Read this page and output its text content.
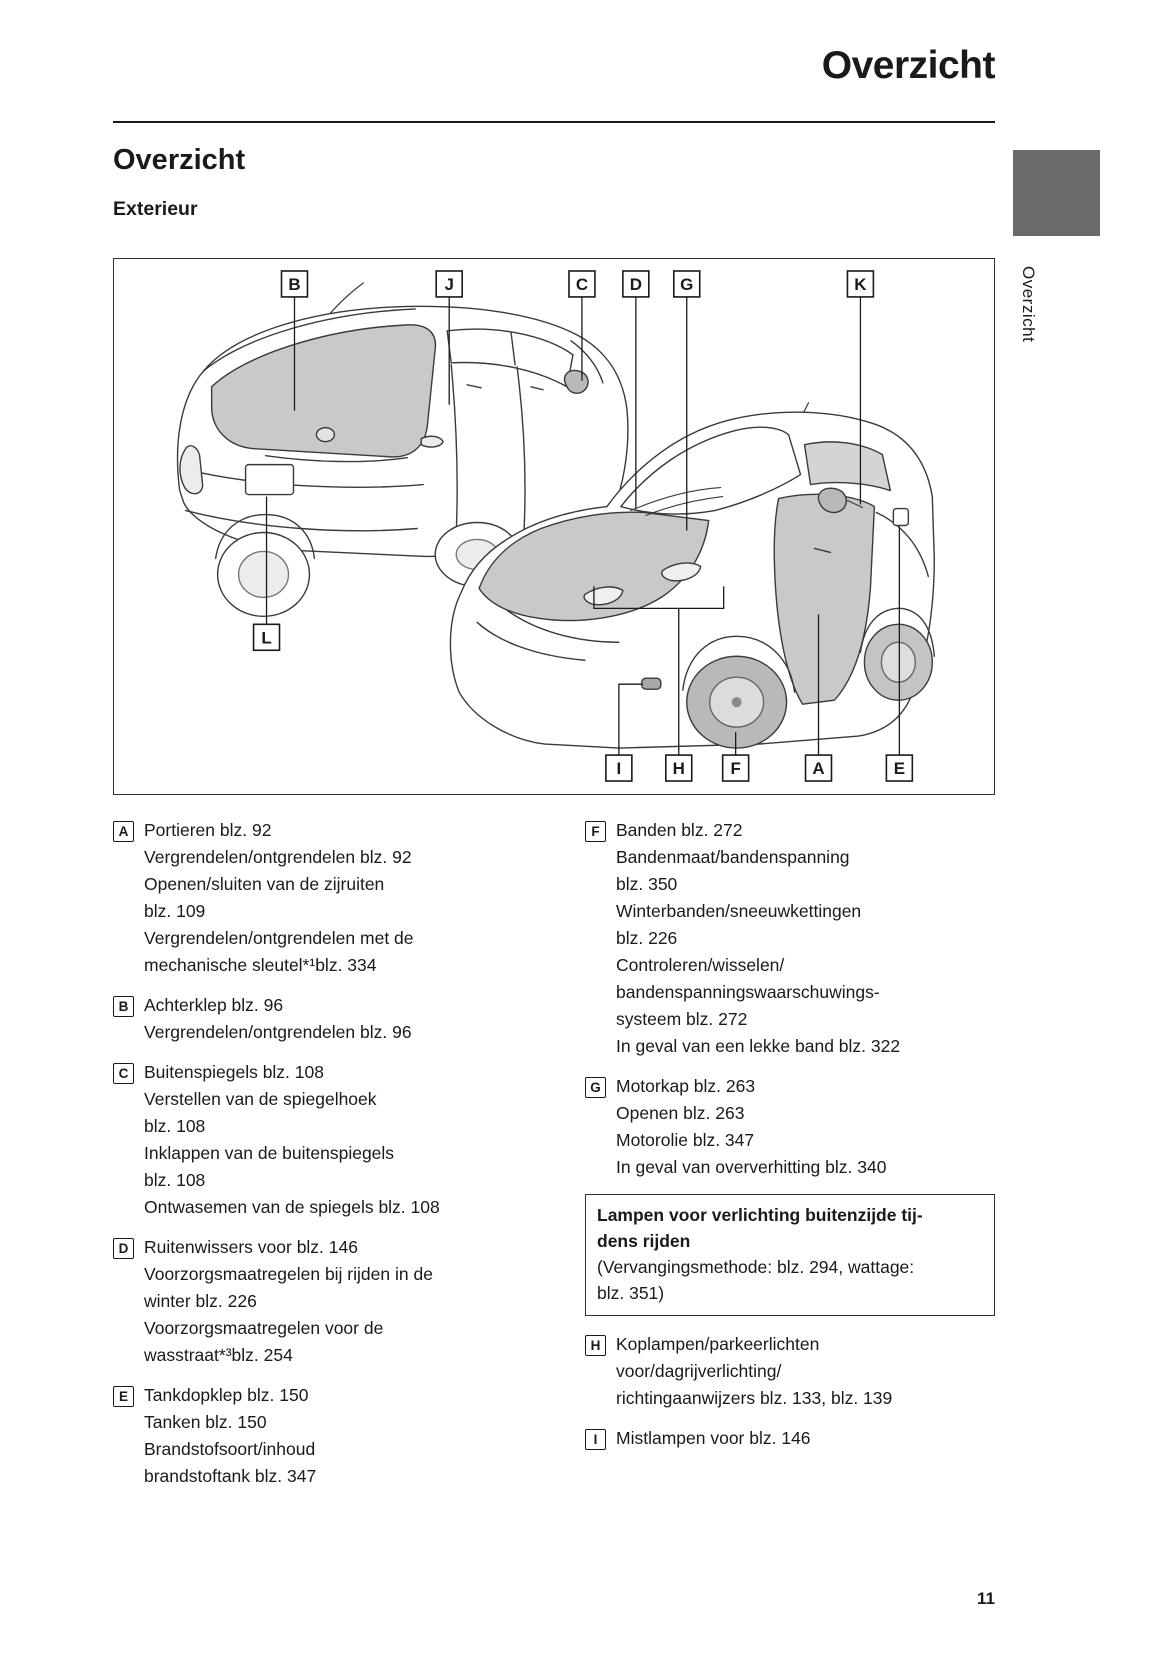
Overzicht
Overzicht
Overzicht
Exterieur
B	J	C D G	K
L
I	H	F	A	E
A Portieren blz. 92

Vergrendelen/ontgrendelen blz. 92

Openen/sluiten van de zijruiten

blz. 109

Vergrendelen/ontgrendelen met de

mechanische sleutel*¹blz. 334

B Achterklep blz. 96

Vergrendelen/ontgrendelen blz. 96

C Buitenspiegels blz. 108

Verstellen van de spiegelhoek

blz. 108

Inklappen van de buitenspiegels

blz. 108

Ontwasemen van de spiegels blz. 108

D Ruitenwissers voor blz. 146

Voorzorgsmaatregelen bij rijden in de

winter blz. 226

Voorzorgsmaatregelen voor de

wasstraat*³blz. 254

E Tankdopklep blz. 150

Tanken blz. 150

Brandstofsoort/inhoud

brandstoftank blz. 347

F Banden blz. 272

Bandenmaat/bandenspanning

blz. 350

Winterbanden/sneeuwkettingen

blz. 226

Controleren/wisselen/

bandenspanningswaarschuwings-

systeem blz. 272

In geval van een lekke band blz. 322

G Motorkap blz. 263

Openen blz. 263

Motorolie blz. 347

In geval van oververhitting blz. 340

Lampen voor verlichting buitenzijde tij-

dens rijden

(Vervangingsmethode: blz. 294, wattage:

blz. 351)

H Koplampen/parkeerlichten

voor/dagrijverlichting/

richtingaanwijzers blz. 133, blz. 139

I	Mistlampen voor blz. 146

11
